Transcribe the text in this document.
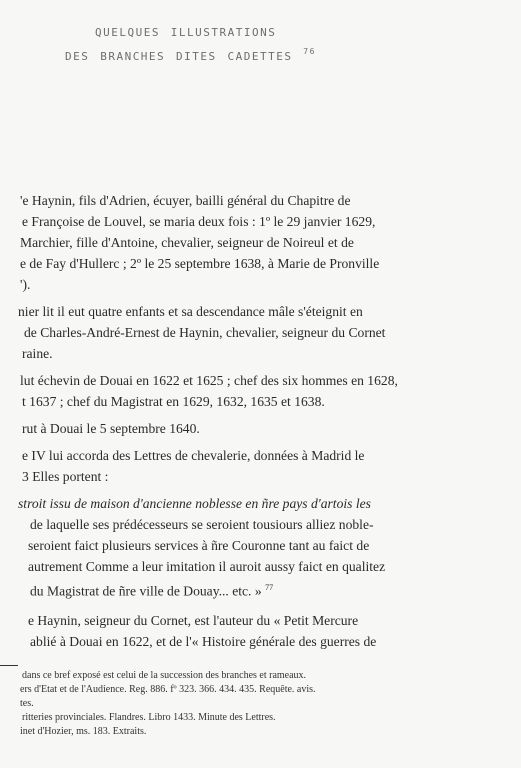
quelques illustrations
des branches dites cadettes $^{76}$
'e Haynin, fils d'Adrien, écuyer, bailli général du Chapitre de
e Françoise de Louvel, se maria deux fois : 1º le 29 janvier 1629,
Marchier, fille d'Antoine, chevalier, seigneur de Noireul et de
e de Fay d'Hullerc ; 2º le 25 septembre 1638, à Marie de Pronville
').
nier lit il eut quatre enfants et sa descendance mâle s'éteignit en
de Charles-André-Ernest de Haynin, chevalier, seigneur du Cornet
raine.
lut échevin de Douai en 1622 et 1625 ; chef des six hommes en 1628,
t 1637 ; chef du Magistrat en 1629, 1632, 1635 et 1638.
rut à Douai le 5 septembre 1640.
e IV lui accorda des Lettres de chevalerie, données à Madrid le
3 Elles portent :
stroit issu de maison d'ancienne noblesse en ñre pays d'artois les
de laquelle ses prédécesseurs se seroient tousiours alliez noble-
seroient faict plusieurs services à ñre Couronne tant au faict de
autrement Comme a leur imitation il auroit aussy faict en qualitez
du Magistrat de ñre ville de Douay... etc. » $^{77}$
e Haynin, seigneur du Cornet, est l'auteur du « Petit Mercure
ablié à Douai en 1622, et de l'« Histoire générale des guerres de
dans ce bref exposé est celui de la succession des branches et rameaux.
ers d'Etat et de l'Audience. Reg. 886. fº 323. 366. 434. 435. Requête. avis.
tes.
ritteries provinciales. Flandres. Libro 1433. Minute des Lettres.
inet d'Hozier, ms. 183. Extraits.
